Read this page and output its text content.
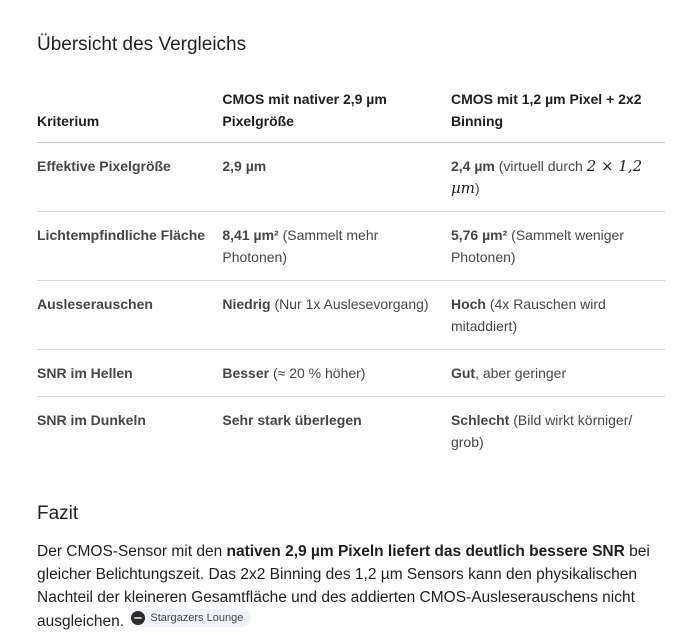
Übersicht des Vergleichs
Kriterium	CMOS mit nativer 2,9 µm Pixelgröße	CMOS mit 1,2 µm Pixel + 2x2 Binning
Effektive Pixelgröße	2,9 µm	2,4 µm (virtuell durch 2 × 1,2 µm)
Lichtempfindliche Fläche	8,41 µm² (Sammelt mehr Photonen)	5,76 µm² (Sammelt weniger Photonen)
Ausleserauschen	Niedrig (Nur 1x Auslesevorgang)	Hoch (4x Rauschen wird mitaddiert)
SNR im Hellen	Besser (≈ 20 % höher)	Gut, aber geringer
SNR im Dunkeln	Sehr stark überlegen	Schlecht (Bild wirkt körniger/ grob)
Fazit

Der CMOS-Sensor mit den nativen 2,9 µm Pixeln liefert das deutlich bessere SNR bei gleicher Belichtungszeit. Das 2x2 Binning des 1,2 µm Sensors kann den physikalischen Nachteil der kleineren Gesamtfläche und des addierten CMOS-Ausleserauschens nicht ausgleichen. Stargazers Lounge
